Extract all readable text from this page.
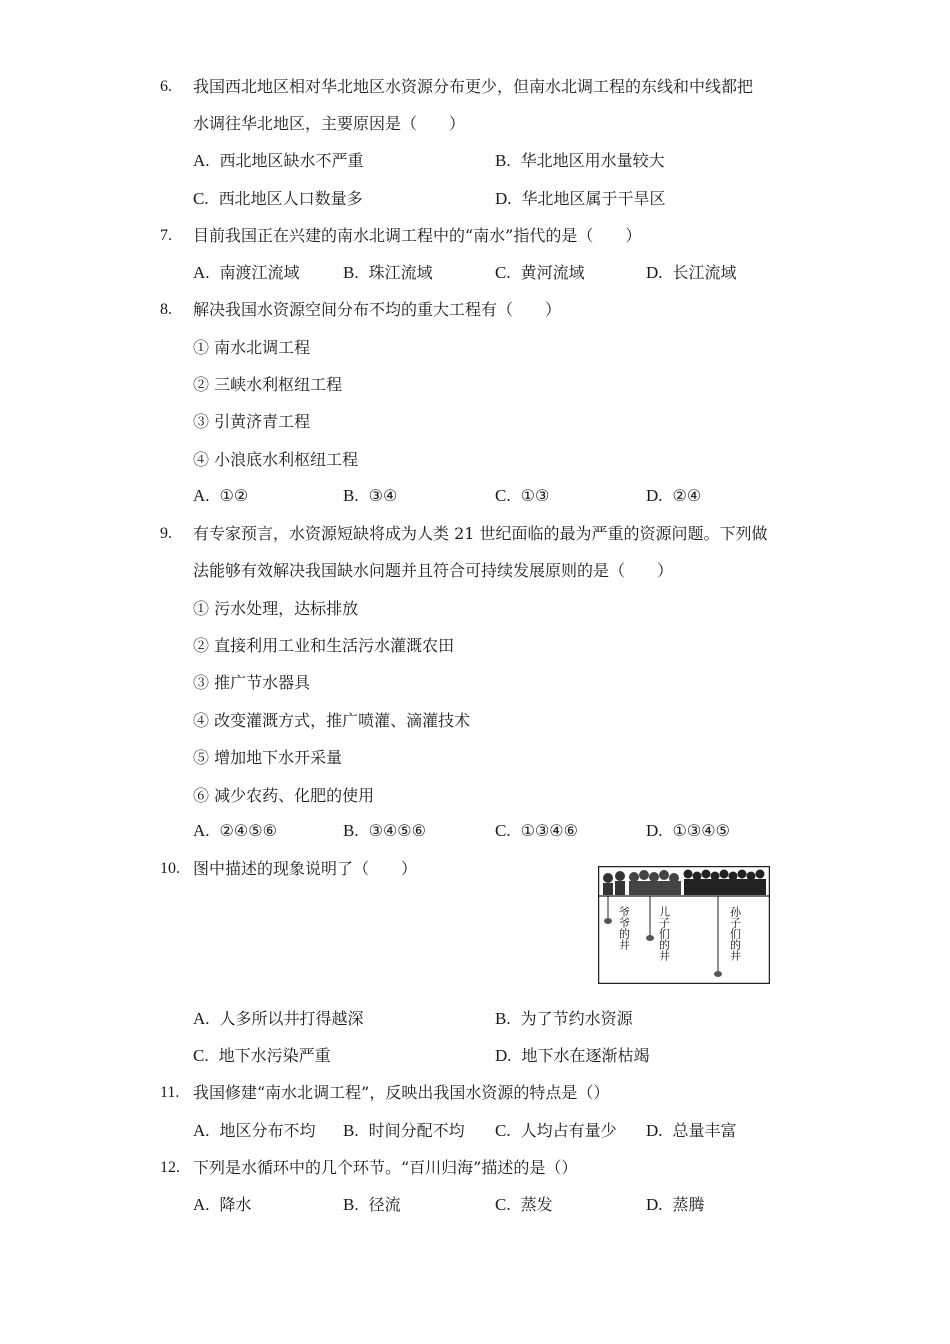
6. 我国西北地区相对华北地区水资源分布更少，但南水北调工程的东线和中线都把
水调往华北地区，主要原因是（　　）
A. 西北地区缺水不严重	B. 华北地区用水量较大
C. 西北地区人口数量多	D. 华北地区属于干旱区
7. 目前我国正在兴建的南水北调工程中的“南水”指代的是（　　）
A. 南渡江流域	B. 珠江流域	C. 黄河流域	D. 长江流域
8. 解决我国水资源空间分布不均的重大工程有（　　）
① 南水北调工程
② 三峡水利枢纽工程
③ 引黄济青工程
④ 小浪底水利枢纽工程
A. ①②	B. ③④	C. ①③	D. ②④
9. 有专家预言，水资源短缺将成为人类 21 世纪面临的最为严重的资源问题。下列做
法能够有效解决我国缺水问题并且符合可持续发展原则的是（　　）
① 污水处理，达标排放
② 直接利用工业和生活污水灌溉农田
③ 推广节水器具
④ 改变灌溉方式，推广喷灌、滴灌技术
⑤ 增加地下水开采量
⑥ 减少农药、化肥的使用
A. ②④⑤⑥	B. ③④⑤⑥	C. ①③④⑥	D. ①③④⑤
10. 图中描述的现象说明了（　　）
爷爷的井 儿子们的井	孙子们的井
A. 人多所以井打得越深	B. 为了节约水资源
C. 地下水污染严重	D. 地下水在逐渐枯竭
11. 我国修建“南水北调工程”，反映出我国水资源的特点是（）
A. 地区分布不均 B. 时间分配不均 C. 人均占有量少 D. 总量丰富
12. 下列是水循环中的几个环节。“百川归海”描述的是（）
A. 降水	B. 径流	C. 蒸发	D. 蒸腾
